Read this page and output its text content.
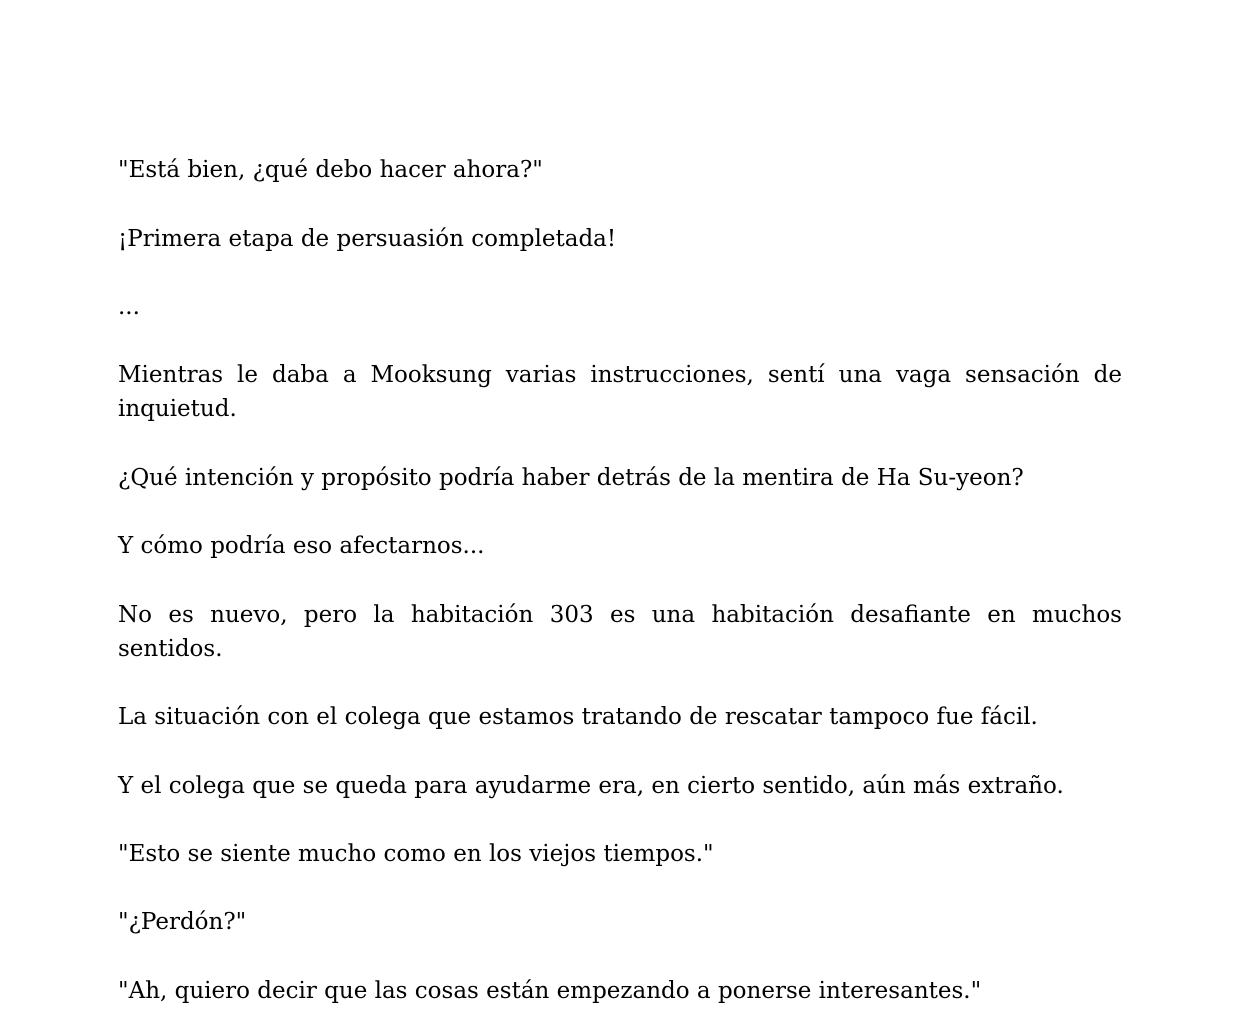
"Está bien, ¿qué debo hacer ahora?"

¡Primera etapa de persuasión completada!

...

Mientras le daba a Mooksung varias instrucciones, sentí una vaga sensación de inquietud.

¿Qué intención y propósito podría haber detrás de la mentira de Ha Su-yeon?

Y cómo podría eso afectarnos...

No es nuevo, pero la habitación 303 es una habitación desafiante en muchos sentidos.

La situación con el colega que estamos tratando de rescatar tampoco fue fácil.

Y el colega que se queda para ayudarme era, en cierto sentido, aún más extraño.

"Esto se siente mucho como en los viejos tiempos."

"¿Perdón?"

"Ah, quiero decir que las cosas están empezando a ponerse interesantes."
